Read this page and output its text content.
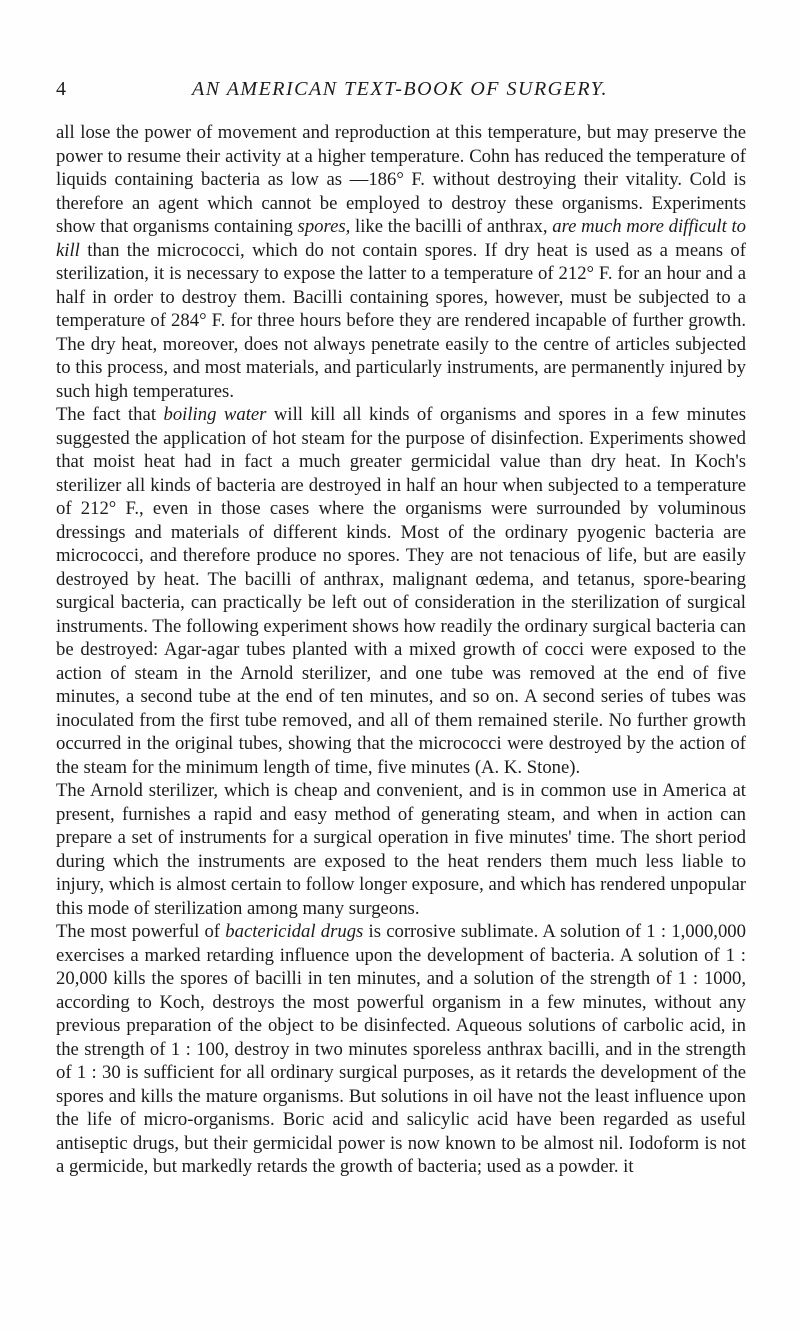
4	AN AMERICAN TEXT-BOOK OF SURGERY.

all lose the power of movement and reproduction at this temperature, but may preserve the power to resume their activity at a higher temperature. Cohn has reduced the temperature of liquids containing bacteria as low as —186° F. without destroying their vitality. Cold is therefore an agent which cannot be employed to destroy these organisms. Experiments show that organisms containing spores, like the bacilli of anthrax, are much more difficult to kill than the micrococci, which do not contain spores. If dry heat is used as a means of sterilization, it is necessary to expose the latter to a temperature of 212° F. for an hour and a half in order to destroy them. Bacilli containing spores, however, must be subjected to a temperature of 284° F. for three hours before they are rendered incapable of further growth. The dry heat, moreover, does not always penetrate easily to the centre of articles subjected to this process, and most materials, and particularly instruments, are permanently injured by such high temperatures.

The fact that boiling water will kill all kinds of organisms and spores in a few minutes suggested the application of hot steam for the purpose of disinfection. Experiments showed that moist heat had in fact a much greater germicidal value than dry heat. In Koch's sterilizer all kinds of bacteria are destroyed in half an hour when subjected to a temperature of 212° F., even in those cases where the organisms were surrounded by voluminous dressings and materials of different kinds. Most of the ordinary pyogenic bacteria are micrococci, and therefore produce no spores. They are not tenacious of life, but are easily destroyed by heat. The bacilli of anthrax, malignant œdema, and tetanus, spore-bearing surgical bacteria, can practically be left out of consideration in the sterilization of surgical instruments. The following experiment shows how readily the ordinary surgical bacteria can be destroyed: Agar-agar tubes planted with a mixed growth of cocci were exposed to the action of steam in the Arnold sterilizer, and one tube was removed at the end of five minutes, a second tube at the end of ten minutes, and so on. A second series of tubes was inoculated from the first tube removed, and all of them remained sterile. No further growth occurred in the original tubes, showing that the micrococci were destroyed by the action of the steam for the minimum length of time, five minutes (A. K. Stone).

The Arnold sterilizer, which is cheap and convenient, and is in common use in America at present, furnishes a rapid and easy method of generating steam, and when in action can prepare a set of instruments for a surgical operation in five minutes' time. The short period during which the instruments are exposed to the heat renders them much less liable to injury, which is almost certain to follow longer exposure, and which has rendered unpopular this mode of sterilization among many surgeons.

The most powerful of bactericidal drugs is corrosive sublimate. A solution of 1 : 1,000,000 exercises a marked retarding influence upon the development of bacteria. A solution of 1 : 20,000 kills the spores of bacilli in ten minutes, and a solution of the strength of 1 : 1000, according to Koch, destroys the most powerful organism in a few minutes, without any previous preparation of the object to be disinfected. Aqueous solutions of carbolic acid, in the strength of 1 : 100, destroy in two minutes sporeless anthrax bacilli, and in the strength of 1 : 30 is sufficient for all ordinary surgical purposes, as it retards the development of the spores and kills the mature organisms. But solutions in oil have not the least influence upon the life of micro-organisms. Boric acid and salicylic acid have been regarded as useful antiseptic drugs, but their germicidal power is now known to be almost nil. Iodoform is not a germicide, but markedly retards the growth of bacteria; used as a powder. it
